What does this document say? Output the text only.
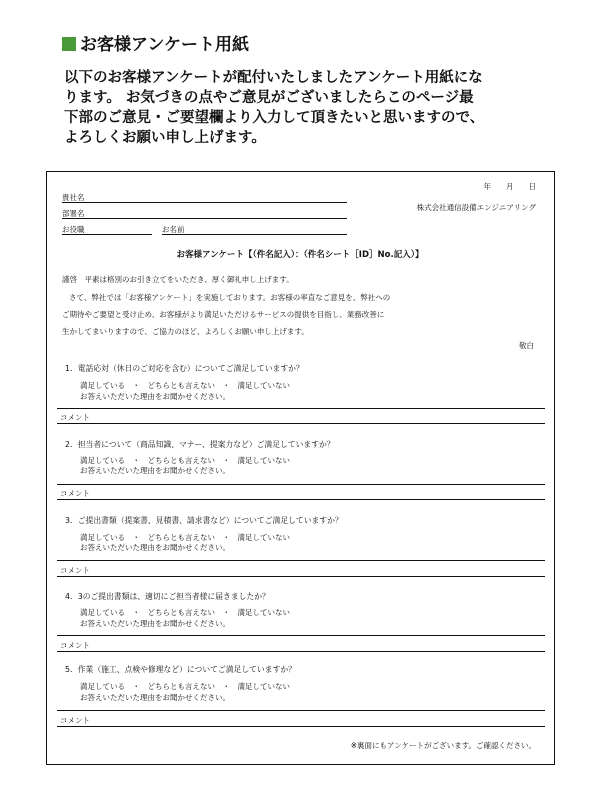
お客様アンケート用紙
以下のお客様アンケートが配付いたしましたアンケート用紙にな
ります。 お気づきの点やご意見がございましたらこのページ最
下部のご意見・ご要望欄より入力して頂きたいと思いますので、
よろしくお願い申し上げます。
年　　月　　日
貴社名
部署名
お役職	お名前
株式会社通信設備エンジニアリング
お客様アンケート【（件名記入）：（件名シート［ID］No.記入）】
謹啓　平素は格別のお引き立てをいただき、厚く御礼申し上げます。
さて、弊社では「お客様アンケート」を実施しております。お客様の率直なご意見を、弊社への
ご期待やご要望と受け止め、お客様がより満足いただけるサービスの提供を目指し、業務改善に
生かしてまいりますので、ご協力のほど、よろしくお願い申し上げます。
敬白
1．電話応対（休日のご対応を含む）についてご満足していますか？
満足している　・　どちらとも言えない　・　満足していない
お答えいただいた理由をお聞かせください。
コメント
2．担当者について（商品知識、マナー、提案力など）ご満足していますか？
満足している　・　どちらとも言えない　・　満足していない
お答えいただいた理由をお聞かせください。
コメント
3．ご提出書類（提案書、見積書、請求書など）についてご満足していますか？
満足している　・　どちらとも言えない　・　満足していない
お答えいただいた理由をお聞かせください。
コメント
4．3のご提出書類は、適切にご担当者様に届きましたか？
満足している　・　どちらとも言えない　・　満足していない
お答えいただいた理由をお聞かせください。
コメント
5．作業（施工、点検や修理など）についてご満足していますか？
満足している　・　どちらとも言えない　・　満足していない
お答えいただいた理由をお聞かせください。
コメント
※裏面にもアンケートがございます。ご確認ください。
